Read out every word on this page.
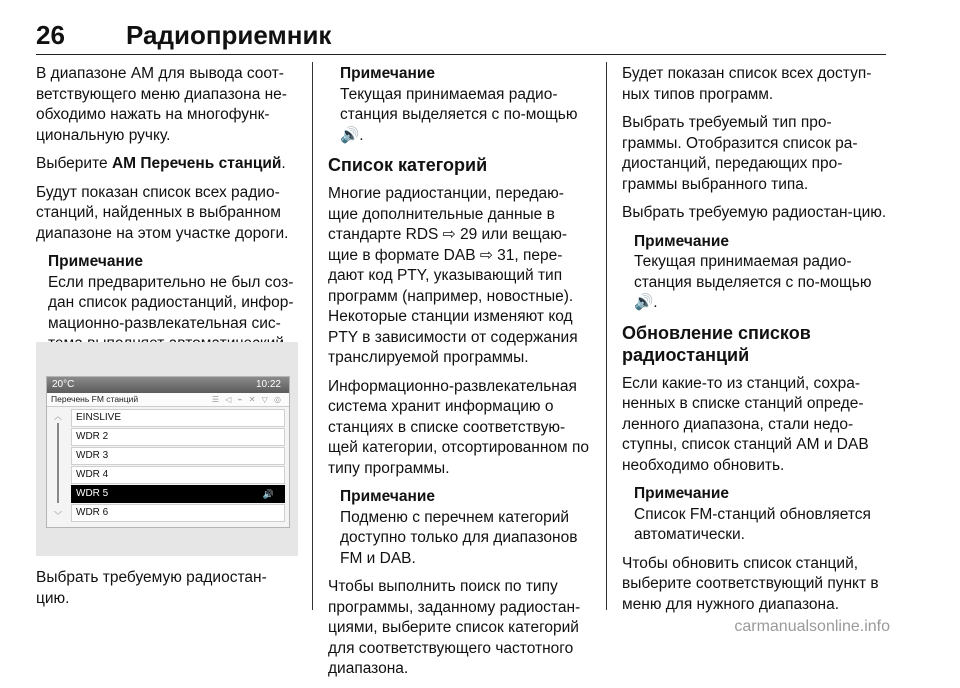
26 Радиоприемник

В диапазоне AM для вывода соот-ветствующего меню диапазона не-обходимо нажать на многофунк-циональную ручку.

Выберите AM Перечень станций.

Будут показан список всех радио-станций, найденных в выбранном диапазоне на этом участке дороги.

Примечание
Если предварительно не был соз-дан список радиостанций, инфор-мационно-развлекательная сис-
20°C	10:22
Перечень FM станций	☰ ◁ ⌁ ✕ ▽ ◎
︿
﹀
EINSLIVE
WDR 2
WDR 3
WDR 4
WDR 5	🔊
WDR 6

Выбрать требуемую радиостан-цию.

Примечание
Текущая принимаемая радио-станция выделяется с по-мощью 🔊.
Список категорий

Многие радиостанции, передаю-щие дополнительные данные в стандарте RDS ⇨ 29 или вещаю-щие в формате DAB ⇨ 31, пере-дают код PTY, указывающий тип программ (например, новостные). Некоторые станции изменяют код PTY в зависимости от содержания транслируемой программы.

Информационно-развлекательная система хранит информацию о станциях в списке соответствую-щей категории, отсортированном по типу программы.

Примечание
Подменю с перечнем категорий доступно только для диапазонов FM и DAB.

Чтобы выполнить поиск по типу программы, заданному радиостан-циями, выберите список категорий для соответствующего частотного диапазона.

Будет показан список всех доступ-ных типов программ.

Выбрать требуемый тип про-граммы. Отобразится список ра-диостанций, передающих про-граммы выбранного типа.

Выбрать требуемую радиостан-цию.

Примечание
Текущая принимаемая радио-станция выделяется с по-мощью 🔊.
Обновление списков радиостанций

Если какие-то из станций, сохра-ненных в списке станций опреде-ленного диапазона, стали недо-ступны, список станций AM и DAB необходимо обновить.

Примечание
Список FM-станций обновляется автоматически.

Чтобы обновить список станций, выберите соответствующий пункт в меню для нужного диапазона.

carmanualsonline.info
